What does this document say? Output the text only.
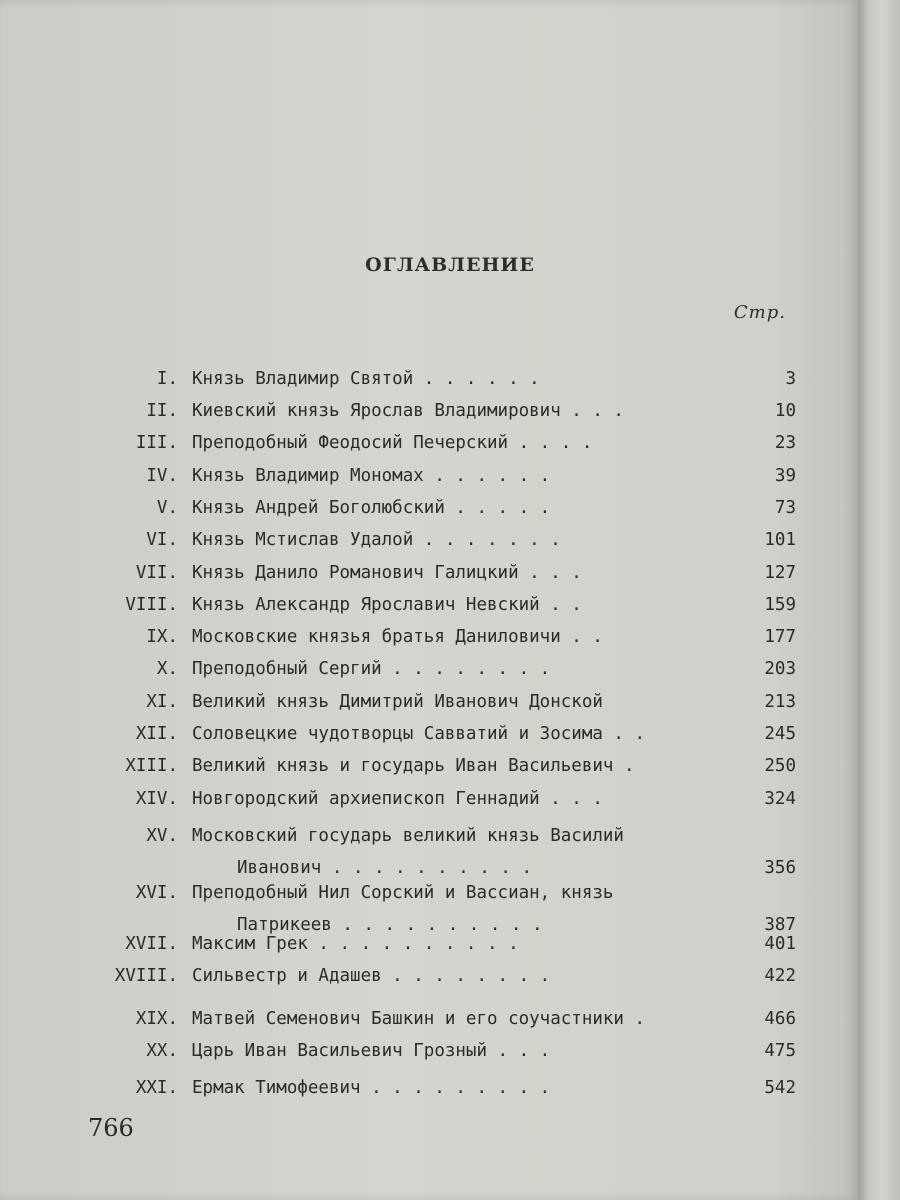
ОГЛАВЛЕНИЕ
Стр.
I. Князь Владимир Святой . . . . . .	3
II. Киевский князь Ярослав Владимирович . . .	10
III. Преподобный Феодосий Печерский . . . .	23
IV. Князь Владимир Мономах . . . . . .	39
V. Князь Андрей Боголюбский . . . . .	73
VI. Князь Мстислав Удалой . . . . . . .	101
VII. Князь Данило Романович Галицкий . . .	127
VIII. Князь Александр Ярославич Невский . .	159
IX. Московские князья братья Даниловичи . .	177
X. Преподобный Сергий . . . . . . . .	203
XI. Великий князь Димитрий Иванович Донской	213
XII. Соловецкие чудотворцы Савватий и Зосима . .	245
XIII. Великий князь и государь Иван Васильевич .	250
XIV. Новгородский архиепископ Геннадий . . .	324
XV. Московский государь великий князь Василий
Иванович . . . . . . . . . .	356
XVI. Преподобный Нил Сорский и Вассиан, князь
Патрикеев . . . . . . . . . .	387
XVII. Максим Грек . . . . . . . . . .	401
XVIII. Сильвестр и Адашев . . . . . . . .	422
XIX. Матвей Семенович Башкин и его соучастники .	466
XX. Царь Иван Васильевич Грозный . . .	475
XXI. Ермак Тимофеевич . . . . . . . . .	542
766
